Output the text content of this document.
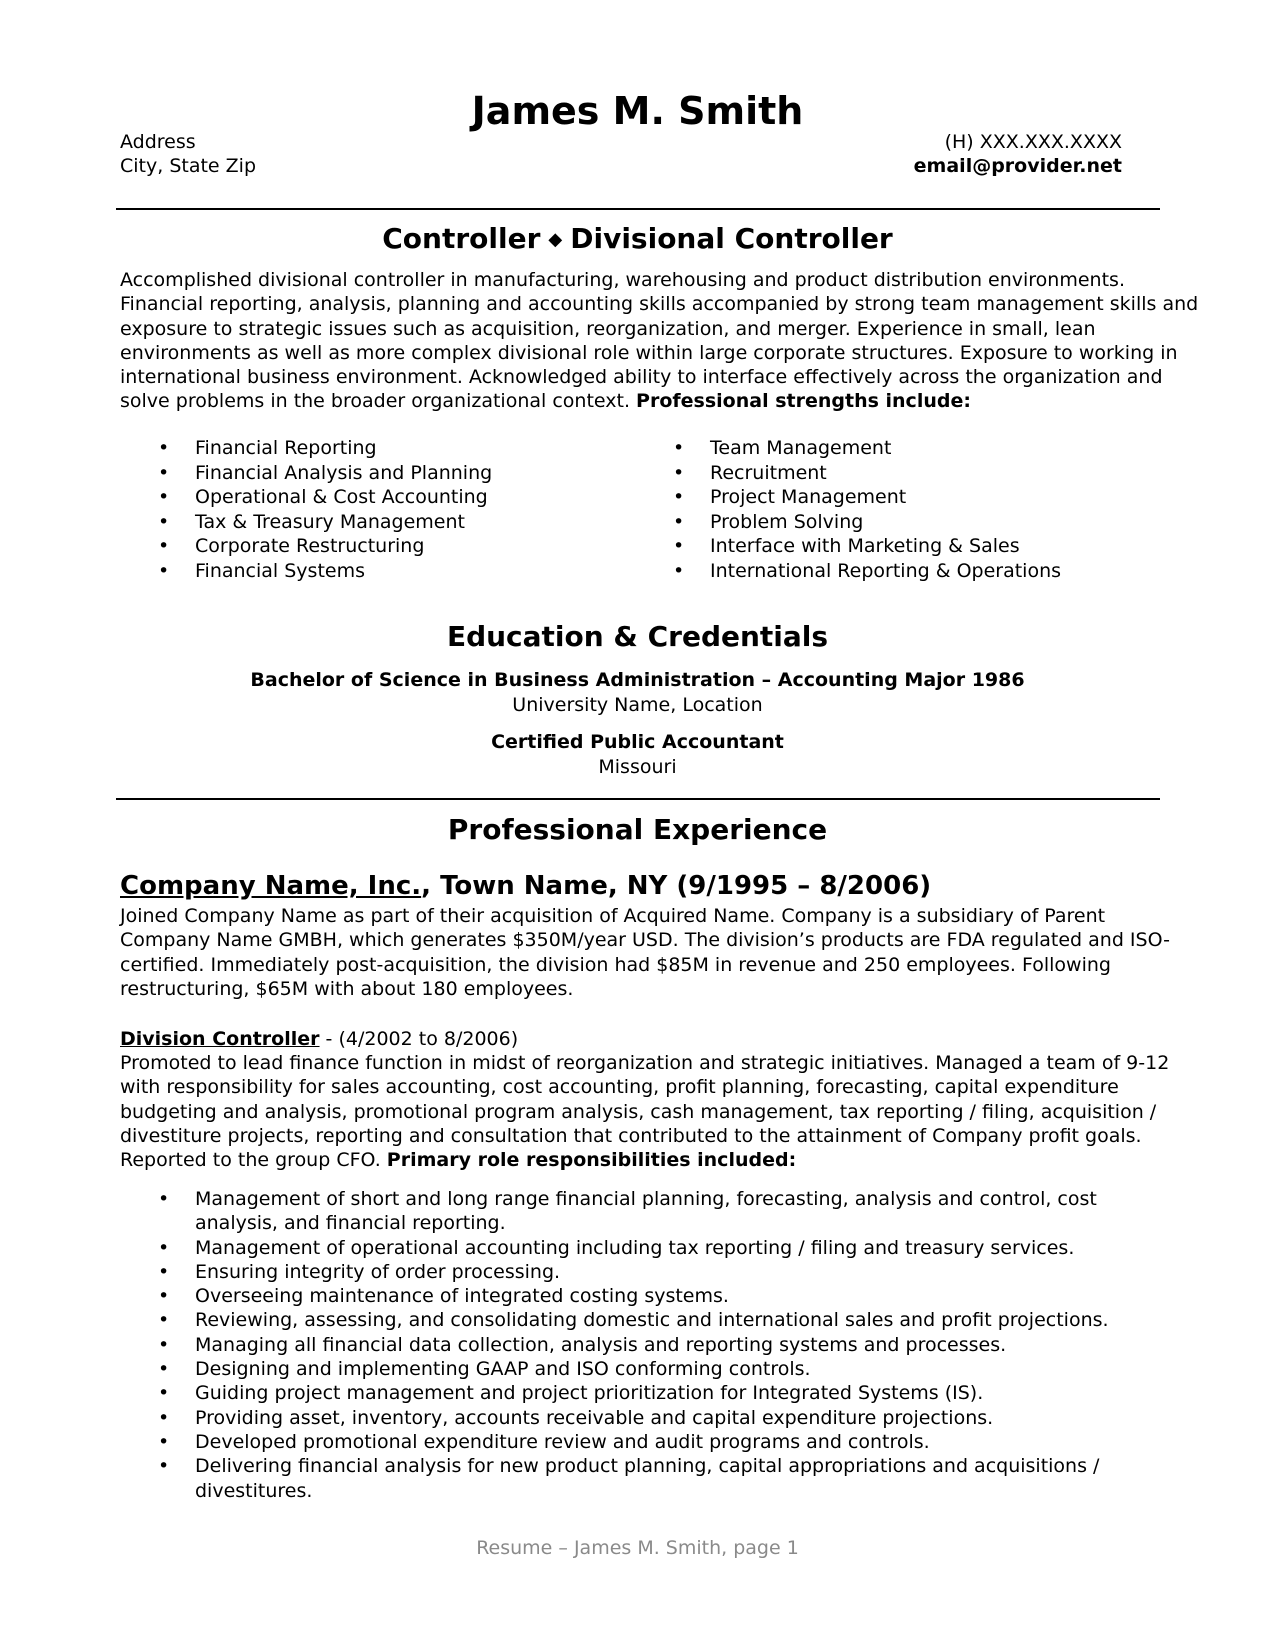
James M. Smith
Address	(H) XXX.XXX.XXXX
City, State Zip	email@provider.net
Controller ◆ Divisional Controller
Accomplished divisional controller in manufacturing, warehousing and product distribution environments.
Financial reporting, analysis, planning and accounting skills accompanied by strong team management skills and
exposure to strategic issues such as acquisition, reorganization, and merger. Experience in small, lean
environments as well as more complex divisional role within large corporate structures. Exposure to working in
international business environment. Acknowledged ability to interface effectively across the organization and
solve problems in the broader organizational context. Professional strengths include:
• Financial Reporting
• Financial Analysis and Planning
• Operational & Cost Accounting
• Tax & Treasury Management
• Corporate Restructuring
• Financial Systems
• Team Management
• Recruitment
• Project Management
• Problem Solving
• Interface with Marketing & Sales
• International Reporting & Operations
Education & Credentials
Bachelor of Science in Business Administration – Accounting Major 1986
University Name, Location
Certified Public Accountant
Missouri
Professional Experience
Company Name, Inc., Town Name, NY (9/1995 – 8/2006)
Joined Company Name as part of their acquisition of Acquired Name. Company is a subsidiary of Parent
Company Name GMBH, which generates $350M/year USD. The division’s products are FDA regulated and ISO-
certified. Immediately post-acquisition, the division had $85M in revenue and 250 employees. Following
restructuring, $65M with about 180 employees.
Division Controller - (4/2002 to 8/2006)
Promoted to lead finance function in midst of reorganization and strategic initiatives. Managed a team of 9-12
with responsibility for sales accounting, cost accounting, profit planning, forecasting, capital expenditure
budgeting and analysis, promotional program analysis, cash management, tax reporting / filing, acquisition /
divestiture projects, reporting and consultation that contributed to the attainment of Company profit goals.
Reported to the group CFO. Primary role responsibilities included:
• Management of short and long range financial planning, forecasting, analysis and control, cost analysis, and financial reporting.
• Management of operational accounting including tax reporting / filing and treasury services.
• Ensuring integrity of order processing.
• Overseeing maintenance of integrated costing systems.
• Reviewing, assessing, and consolidating domestic and international sales and profit projections.
• Managing all financial data collection, analysis and reporting systems and processes.
• Designing and implementing GAAP and ISO conforming controls.
• Guiding project management and project prioritization for Integrated Systems (IS).
• Providing asset, inventory, accounts receivable and capital expenditure projections.
• Developed promotional expenditure review and audit programs and controls.
• Delivering financial analysis for new product planning, capital appropriations and acquisitions / divestitures.
Resume – James M. Smith, page 1
